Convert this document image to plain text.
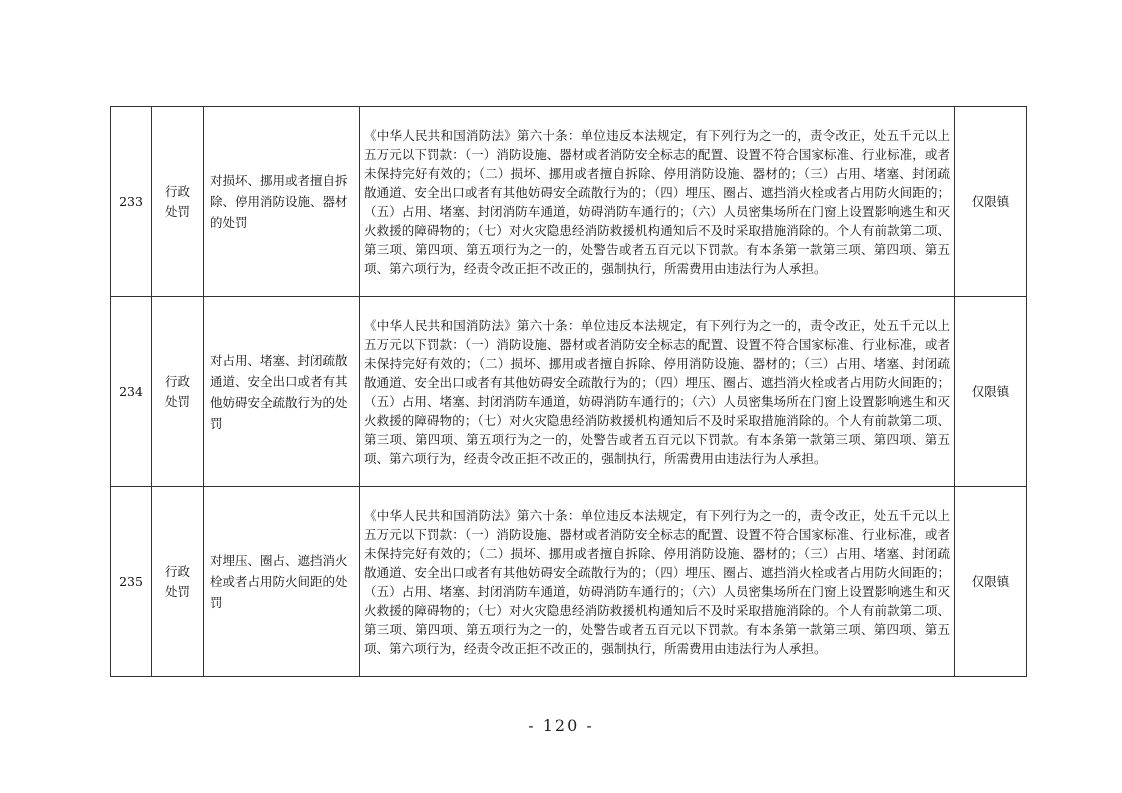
233	行政处罚	对损坏、挪用或者擅自拆除、停用消防设施、器材的处罚	《中华人民共和国消防法》第六十条：单位违反本法规定，有下列行为之一的，责令改正，处五千元以上五万元以下罚款：（一）消防设施、器材或者消防安全标志的配置、设置不符合国家标准、行业标准，或者未保持完好有效的；（二）损坏、挪用或者擅自拆除、停用消防设施、器材的；（三）占用、堵塞、封闭疏散通道、安全出口或者有其他妨碍安全疏散行为的；（四）埋压、圈占、遮挡消火栓或者占用防火间距的；（五）占用、堵塞、封闭消防车通道，妨碍消防车通行的；（六）人员密集场所在门窗上设置影响逃生和灭火救援的障碍物的；（七）对火灾隐患经消防救援机构通知后不及时采取措施消除的。个人有前款第二项、第三项、第四项、第五项行为之一的，处警告或者五百元以下罚款。有本条第一款第三项、第四项、第五项、第六项行为，经责令改正拒不改正的，强制执行，所需费用由违法行为人承担。	仅限镇
234	行政处罚	对占用、堵塞、封闭疏散通道、安全出口或者有其他妨碍安全疏散行为的处罚	《中华人民共和国消防法》第六十条：单位违反本法规定，有下列行为之一的，责令改正，处五千元以上五万元以下罚款：（一）消防设施、器材或者消防安全标志的配置、设置不符合国家标准、行业标准，或者未保持完好有效的；（二）损坏、挪用或者擅自拆除、停用消防设施、器材的；（三）占用、堵塞、封闭疏散通道、安全出口或者有其他妨碍安全疏散行为的；（四）埋压、圈占、遮挡消火栓或者占用防火间距的；（五）占用、堵塞、封闭消防车通道，妨碍消防车通行的；（六）人员密集场所在门窗上设置影响逃生和灭火救援的障碍物的；（七）对火灾隐患经消防救援机构通知后不及时采取措施消除的。个人有前款第二项、第三项、第四项、第五项行为之一的，处警告或者五百元以下罚款。有本条第一款第三项、第四项、第五项、第六项行为，经责令改正拒不改正的，强制执行，所需费用由违法行为人承担。	仅限镇
235	行政处罚	对埋压、圈占、遮挡消火栓或者占用防火间距的处罚	《中华人民共和国消防法》第六十条：单位违反本法规定，有下列行为之一的，责令改正，处五千元以上五万元以下罚款：（一）消防设施、器材或者消防安全标志的配置、设置不符合国家标准、行业标准，或者未保持完好有效的；（二）损坏、挪用或者擅自拆除、停用消防设施、器材的；（三）占用、堵塞、封闭疏散通道、安全出口或者有其他妨碍安全疏散行为的；（四）埋压、圈占、遮挡消火栓或者占用防火间距的；（五）占用、堵塞、封闭消防车通道，妨碍消防车通行的；（六）人员密集场所在门窗上设置影响逃生和灭火救援的障碍物的；（七）对火灾隐患经消防救援机构通知后不及时采取措施消除的。个人有前款第二项、第三项、第四项、第五项行为之一的，处警告或者五百元以下罚款。有本条第一款第三项、第四项、第五项、第六项行为，经责令改正拒不改正的，强制执行，所需费用由违法行为人承担。	仅限镇
- 120 -
